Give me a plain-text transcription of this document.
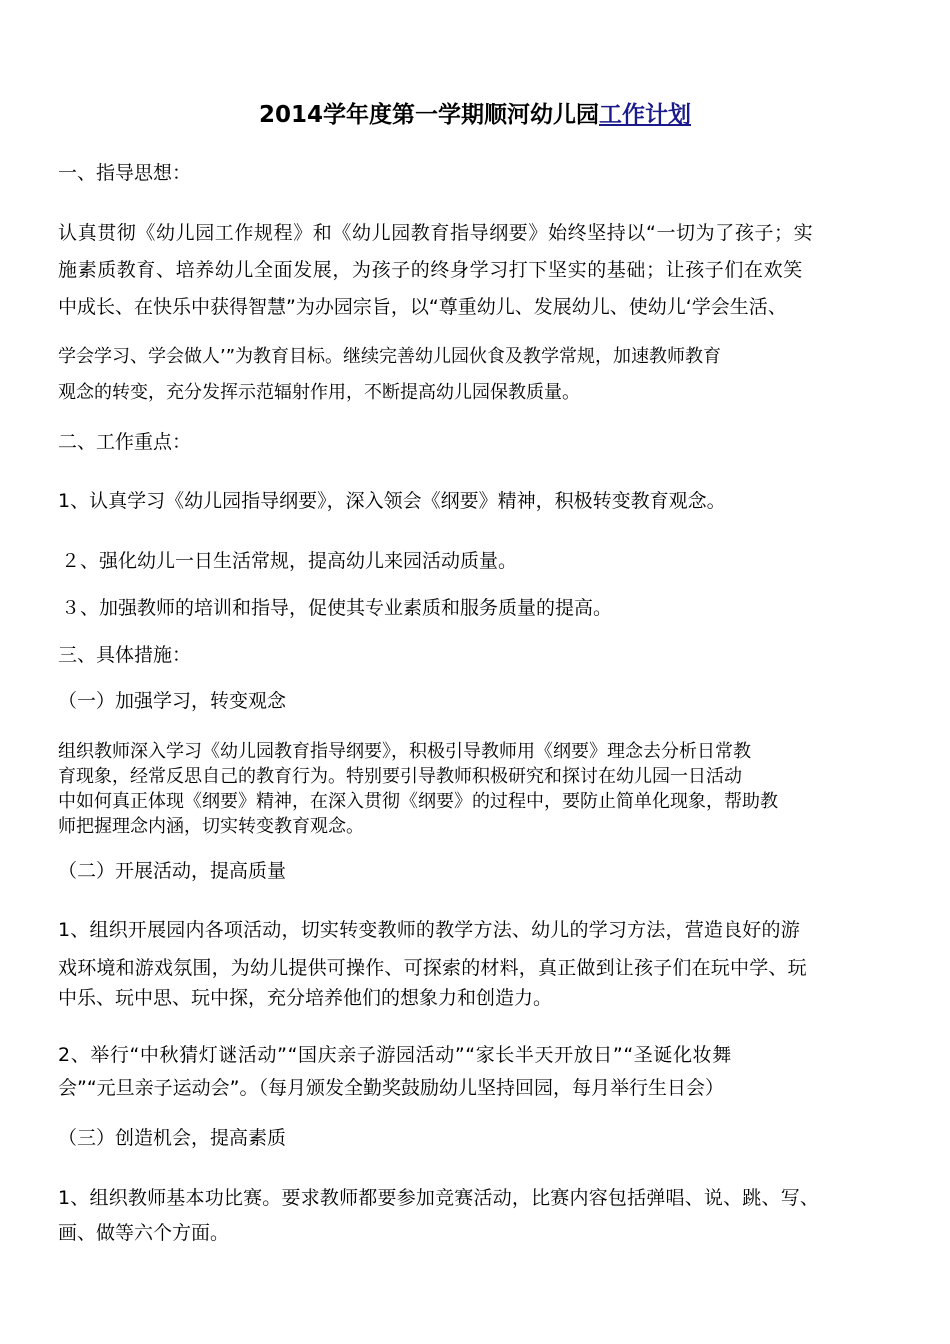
2014学年度第一学期顺河幼儿园工作计划
一、指导思想：
认真贯彻《幼儿园工作规程》和《幼儿园教育指导纲要》始终坚持以“一切为了孩子；实
施素质教育、培养幼儿全面发展，为孩子的终身学习打下坚实的基础；让孩子们在欢笑
中成长、在快乐中获得智慧”为办园宗旨，以“尊重幼儿、发展幼儿、使幼儿‘学会生活、
学会学习、学会做人’”为教育目标。继续完善幼儿园伙食及教学常规，加速教师教育
观念的转变，充分发挥示范辐射作用，不断提高幼儿园保教质量。
二、工作重点：
1、认真学习《幼儿园指导纲要》，深入领会《纲要》精神，积极转变教育观念。
２、强化幼儿一日生活常规，提高幼儿来园活动质量。
３、加强教师的培训和指导，促使其专业素质和服务质量的提高。
三、具体措施：
（一）加强学习，转变观念
组织教师深入学习《幼儿园教育指导纲要》，积极引导教师用《纲要》理念去分析日常教
育现象，经常反思自己的教育行为。特别要引导教师积极研究和探讨在幼儿园一日活动
中如何真正体现《纲要》精神，在深入贯彻《纲要》的过程中，要防止简单化现象，帮助教
师把握理念内涵，切实转变教育观念。
（二）开展活动，提高质量
1、组织开展园内各项活动，切实转变教师的教学方法、幼儿的学习方法，营造良好的游
戏环境和游戏氛围，为幼儿提供可操作、可探索的材料，真正做到让孩子们在玩中学、玩
中乐、玩中思、玩中探，充分培养他们的想象力和创造力。
2、举行“中秋猜灯谜活动”“国庆亲子游园活动”“家长半天开放日”“圣诞化妆舞
会”“元旦亲子运动会”。（每月颁发全勤奖鼓励幼儿坚持回园，每月举行生日会）
（三）创造机会，提高素质
1、组织教师基本功比赛。要求教师都要参加竞赛活动，比赛内容包括弹唱、说、跳、写、
画、做等六个方面。
